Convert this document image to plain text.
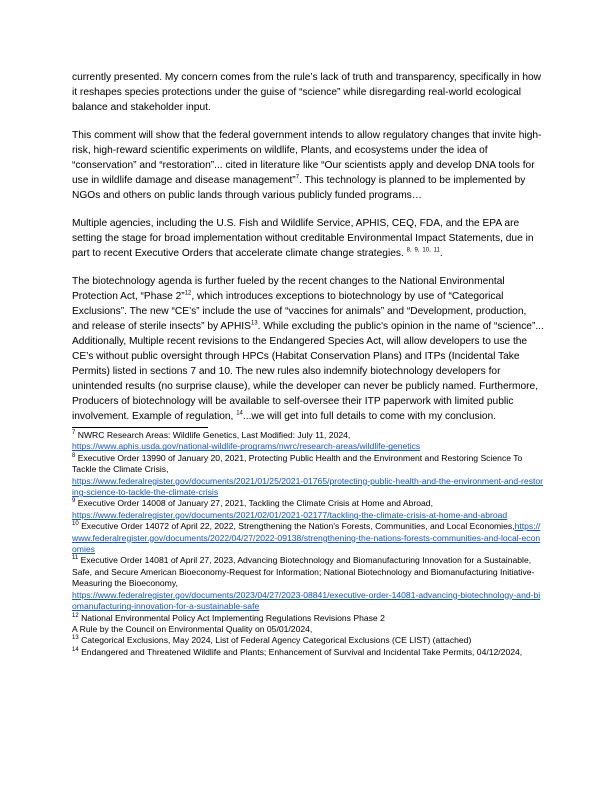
currently presented. My concern comes from the rule’s lack of truth and transparency, specifically in how it reshapes species protections under the guise of “science” while disregarding real-world ecological balance and stakeholder input.

This comment will show that the federal government intends to allow regulatory changes that invite high-risk, high-reward scientific experiments on wildlife, Plants, and ecosystems under the idea of “conservation” and “restoration”... cited in literature like “Our scientists apply and develop DNA tools for use in wildlife damage and disease management”$^7$. This technology is planned to be implemented by NGOs and others on public lands through various publicly funded programs…

Multiple agencies, including the U.S. Fish and Wildlife Service, APHIS, CEQ, FDA, and the EPA are setting the stage for broad implementation without creditable Environmental Impact Statements, due in part to recent Executive Orders that accelerate climate change strategies. $^{8,}$ $^{9,}$ $^{10,}$ $^{11}$.

The biotechnology agenda is further fueled by the recent changes to the National Environmental Protection Act, “Phase 2”$^{12}$, which introduces exceptions to biotechnology by use of “Categorical Exclusions”. The new “CE’s” include the use of “vaccines for animals” and “Development, production, and release of sterile insects” by APHIS$^{13}$. While excluding the public's opinion in the name of “science”... Additionally, Multiple recent revisions to the Endangered Species Act, will allow developers to use the CE’s without public oversight through HPCs (Habitat Conservation Plans) and ITPs (Incidental Take Permits) listed in sections 7 and 10. The new rules also indemnify biotechnology developers for unintended results (no surprise clause), while the developer can never be publicly named. Furthermore, Producers of biotechnology will be available to self-oversee their ITP paperwork with limited public involvement. Example of regulation, $^{14}$...we will get into full details to come with my conclusion.

$^7$ NWRC Research Areas: Wildlife Genetics, Last Modified: July 11, 2024,
https://www.aphis.usda.gov/national-wildlife-programs/nwrc/research-areas/wildlife-genetics

$^8$ Executive Order 13990 of January 20, 2021, Protecting Public Health and the Environment and Restoring Science To Tackle the Climate Crisis,
https://www.federalregister.gov/documents/2021/01/25/2021-01765/protecting-public-health-and-the-environment-and-restoring-science-to-tackle-the-climate-crisis

$^9$ Executive Order 14008 of January 27, 2021, Tackling the Climate Crisis at Home and Abroad,
https://www.federalregister.gov/documents/2021/02/01/2021-02177/tackling-the-climate-crisis-at-home-and-abroad

$^{10}$ Executive Order 14072 of April 22, 2022, Strengthening the Nation's Forests, Communities, and Local Economies,https://www.federalregister.gov/documents/2022/04/27/2022-09138/strengthening-the-nations-forests-communities-and-local-economies

$^{11}$ Executive Order 14081 of April 27, 2023, Advancing Biotechnology and Biomanufacturing Innovation for a Sustainable, Safe, and Secure American Bioeconomy-Request for Information; National Biotechnology and Biomanufacturing Initiative-Measuring the Bioeconomy,
https://www.federalregister.gov/documents/2023/04/27/2023-08841/executive-order-14081-advancing-biotechnology-and-biomanufacturing-innovation-for-a-sustainable-safe

$^{12}$ National Environmental Policy Act Implementing Regulations Revisions Phase 2
A Rule by the Council on Environmental Quality on 05/01/2024,

$^{13}$ Categorical Exclusions, May 2024, List of Federal Agency Categorical Exclusions (CE LIST) (attached)

$^{14}$ Endangered and Threatened Wildlife and Plants; Enhancement of Survival and Incidental Take Permits, 04/12/2024,
